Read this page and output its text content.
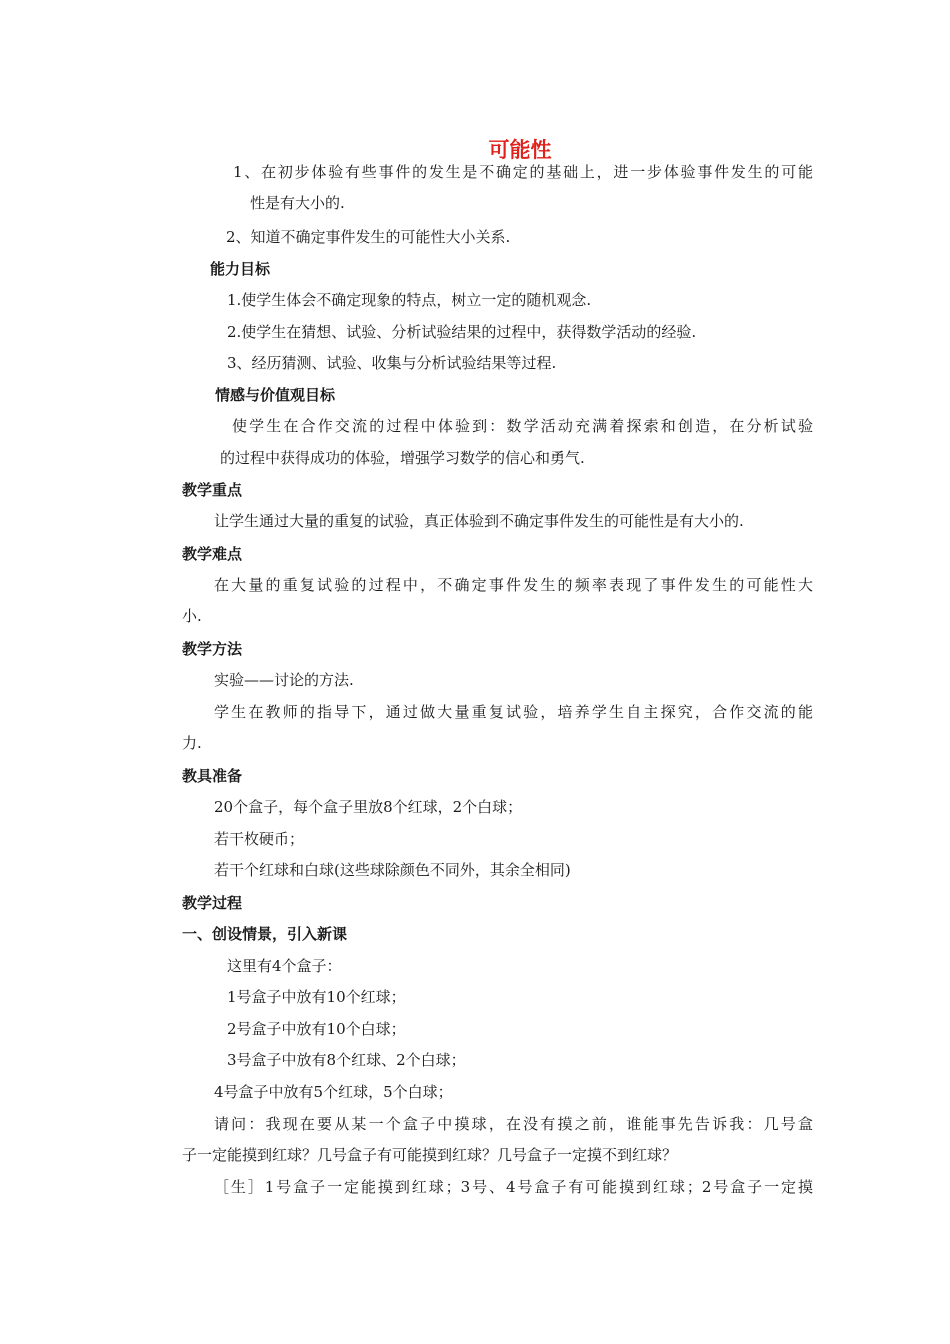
可能性
1、在初步体验有些事件的发生是不确定的基础上，进一步体验事件发生的可能
性是有大小的.
2、知道不确定事件发生的可能性大小关系.
能力目标
1.使学生体会不确定现象的特点，树立一定的随机观念.
2.使学生在猜想、试验、分析试验结果的过程中，获得数学活动的经验.
3、经历猜测、试验、收集与分析试验结果等过程.
情感与价值观目标
使学生在合作交流的过程中体验到：数学活动充满着探索和创造，在分析试验
的过程中获得成功的体验，增强学习数学的信心和勇气.
教学重点
让学生通过大量的重复的试验，真正体验到不确定事件发生的可能性是有大小的.
教学难点
在大量的重复试验的过程中，不确定事件发生的频率表现了事件发生的可能性大
小.
教学方法
实验——讨论的方法.
学生在教师的指导下，通过做大量重复试验，培养学生自主探究，合作交流的能
力.
教具准备
20个盒子，每个盒子里放8个红球，2个白球；
若干枚硬币；
若干个红球和白球(这些球除颜色不同外，其余全相同)
教学过程
一、创设情景，引入新课
这里有4个盒子：
1号盒子中放有10个红球；
2号盒子中放有10个白球；
3号盒子中放有8个红球、2个白球；
4号盒子中放有5个红球，5个白球；
请问：我现在要从某一个盒子中摸球，在没有摸之前，谁能事先告诉我：几号盒
子一定能摸到红球？几号盒子有可能摸到红球？几号盒子一定摸不到红球？
［生］1号盒子一定能摸到红球；3号、4号盒子有可能摸到红球；2号盒子一定摸
